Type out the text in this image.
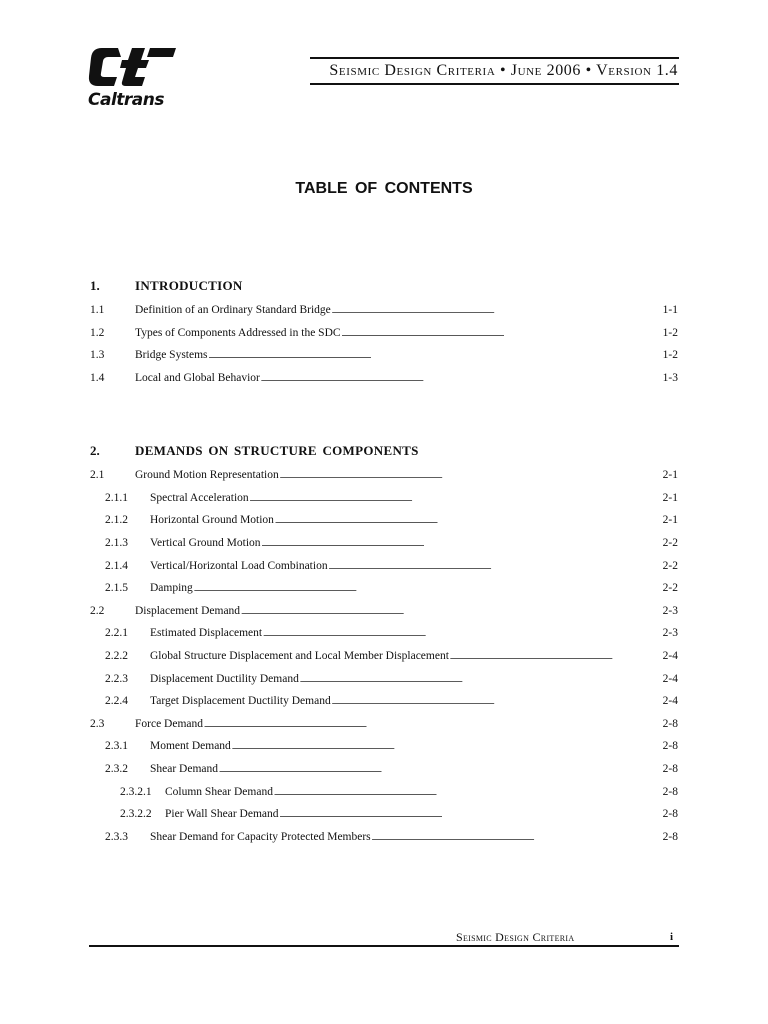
Caltrans
Seismic Design Criteria • June 2006 • Version 1.4
TABLE OF CONTENTS
1.	INTRODUCTION
1.1	Definition of an Ordinary Standard Bridge . . .	1-1
1.2	Types of Components Addressed in the SDC . . .	1-2
1.3	Bridge Systems . . .	1-2
1.4	Local and Global Behavior . . .	1-3
2.	DEMANDS ON STRUCTURE COMPONENTS
2.1	Ground Motion Representation . . .	2-1
2.1.1	Spectral Acceleration . . .	2-1
2.1.2	Horizontal Ground Motion . . .	2-1
2.1.3	Vertical Ground Motion . . .	2-2
2.1.4	Vertical/Horizontal Load Combination . . .	2-2
2.1.5	Damping . . .	2-2
2.2	Displacement Demand . . .	2-3
2.2.1	Estimated Displacement . . .	2-3
2.2.2	Global Structure Displacement and Local Member Displacement . . .	2-4
2.2.3	Displacement Ductility Demand . . .	2-4
2.2.4	Target Displacement Ductility Demand . . .	2-4
2.3	Force Demand . . .	2-8
2.3.1	Moment Demand . . .	2-8
2.3.2	Shear Demand . . .	2-8
2.3.2.1	Column Shear Demand . . .	2-8
2.3.2.2	Pier Wall Shear Demand . . .	2-8
2.3.3	Shear Demand for Capacity Protected Members . . .	2-8
Seismic Design Criteria	i
